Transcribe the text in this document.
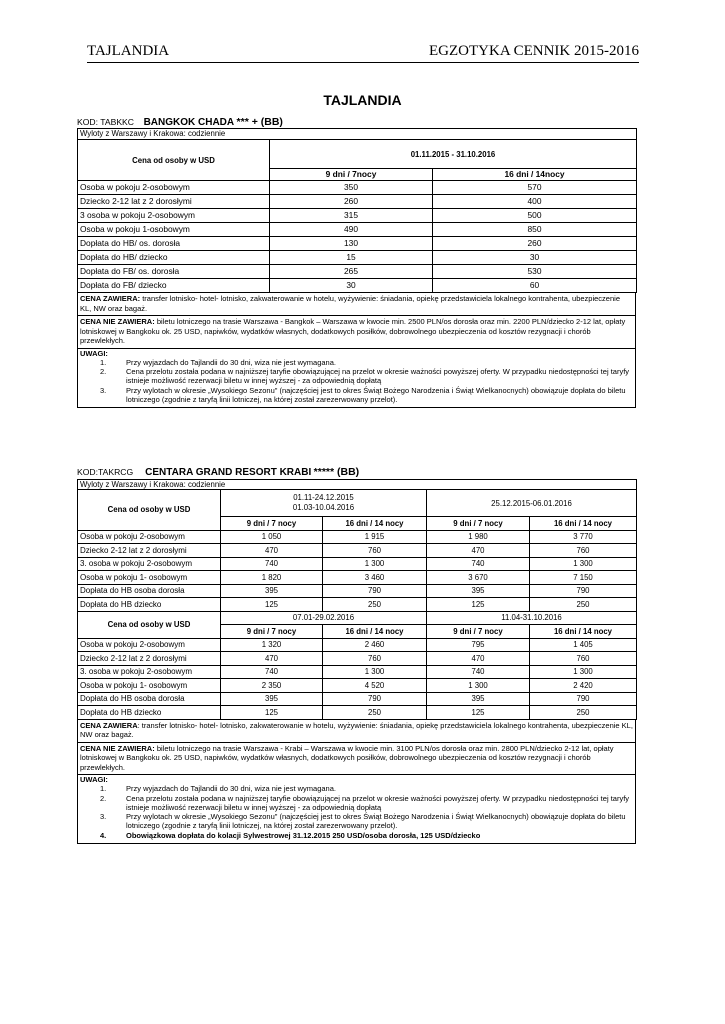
TAJLANDIA	EGZOTYKA CENNIK 2015-2016
TAJLANDIA
KOD: TABKKC BANGKOK CHADA *** + (BB)
Wyloty z Warszawy i Krakowa: codziennie		
Cena od osoby w USD	01.11.2015 - 31.10.2016	
	9 dni / 7nocy	16 dni / 14nocy
Osoba w pokoju 2-osobowym	350	570
Dziecko 2-12 lat z 2 dorosłymi	260	400
3 osoba w pokoju 2-osobowym	315	500
Osoba w pokoju 1-osobowym	490	850
Dopłata do HB/ os. dorosła	130	260
Dopłata do HB/ dziecko	15	30
Dopłata do FB/ os. dorosła	265	530
Dopłata do FB/ dziecko	30	60
CENA ZAWIERA: transfer lotnisko- hotel- lotnisko, zakwaterowanie w hotelu, wyżywienie: śniadania, opiekę przedstawiciela lokalnego kontrahenta, ubezpieczenie KL, NW oraz bagaż.
CENA NIE ZAWIERA: biletu lotniczego na trasie Warszawa - Bangkok – Warszawa w kwocie min. 2500 PLN/os dorosła oraz min. 2200 PLN/dziecko 2-12 lat, opłaty lotniskowej w Bangkoku ok. 25 USD, napiwków, wydatków własnych, dodatkowych posiłków, dobrowolnego ubezpieczenia od kosztów rezygnacji i chorób przewlekłych.
UWAGI:
1.	Przy wyjazdach do Tajlandii do 30 dni, wiza nie jest wymagana.
2.	Cena przelotu została podana w najniższej taryfie obowiązującej na przelot w okresie ważności powyższej oferty. W przypadku niedostępności tej taryfy istnieje możliwość rezerwacji biletu w innej wyższej - za odpowiednią dopłatą
3.	Przy wylotach w okresie „Wysokiego Sezonu" (najczęściej jest to okres Świąt Bożego Narodzenia i Świąt Wielkanocnych) obowiązuje dopłata do biletu lotniczego (zgodnie z taryfą linii lotniczej, na której został zarezerwowany przelot).
KOD:TAKRCG CENTARA GRAND RESORT KRABI ***** (BB)
Wyloty z Warszawy i Krakowa: codziennie				
Cena od osoby w USD	01.11-24.12.2015
01.03-10.04.2016		25.12.2015-06.01.2016	
	9 dni / 7 nocy	16 dni / 14 nocy	9 dni / 7 nocy	16 dni / 14 nocy
Osoba w pokoju 2-osobowym	1 050	1 915	1 980	3 770
Dziecko 2-12 lat z 2 dorosłymi	470	760	470	760
3. osoba w pokoju 2-osobowym	740	1 300	740	1 300
Osoba w pokoju 1- osobowym	1 820	3 460	3 670	7 150
Dopłata do HB osoba dorosła	395	790	395	790
Dopłata do HB dziecko	125	250	125	250
Cena od osoby w USD	07.01-29.02.2016		11.04-31.10.2016	
	9 dni / 7 nocy	16 dni / 14 nocy	9 dni / 7 nocy	16 dni / 14 nocy
Osoba w pokoju 2-osobowym	1 320	2 460	795	1 405
Dziecko 2-12 lat z 2 dorosłymi	470	760	470	760
3. osoba w pokoju 2-osobowym	740	1 300	740	1 300
Osoba w pokoju 1- osobowym	2 350	4 520	1 300	2 420
Dopłata do HB osoba dorosła	395	790	395	790
Dopłata do HB dziecko	125	250	125	250
CENA ZAWIERA: transfer lotnisko- hotel- lotnisko, zakwaterowanie w hotelu, wyżywienie: śniadania, opiekę przedstawiciela lokalnego kontrahenta, ubezpieczenie KL, NW oraz bagaż.
CENA NIE ZAWIERA: biletu lotniczego na trasie Warszawa - Krabi – Warszawa w kwocie min. 3100 PLN/os dorosła oraz min. 2800 PLN/dziecko 2-12 lat, opłaty lotniskowej w Bangkoku ok. 25 USD, napiwków, wydatków własnych, dodatkowych posiłków, dobrowolnego ubezpieczenia od kosztów rezygnacji i chorób przewlekłych.
UWAGI:
1.	Przy wyjazdach do Tajlandii do 30 dni, wiza nie jest wymagana.
2.	Cena przelotu została podana w najniższej taryfie obowiązującej na przelot w okresie ważności powyższej oferty. W przypadku niedostępności tej taryfy istnieje możliwość rezerwacji biletu w innej wyższej - za odpowiednią dopłatą
3.	Przy wylotach w okresie „Wysokiego Sezonu" (najczęściej jest to okres Świąt Bożego Narodzenia i Świąt Wielkanocnych) obowiązuje dopłata do biletu lotniczego (zgodnie z taryfą linii lotniczej, na której został zarezerwowany przelot).
4.	Obowiązkowa dopłata do kolacji Sylwestrowej 31.12.2015 250 USD/osoba dorosła, 125 USD/dziecko
